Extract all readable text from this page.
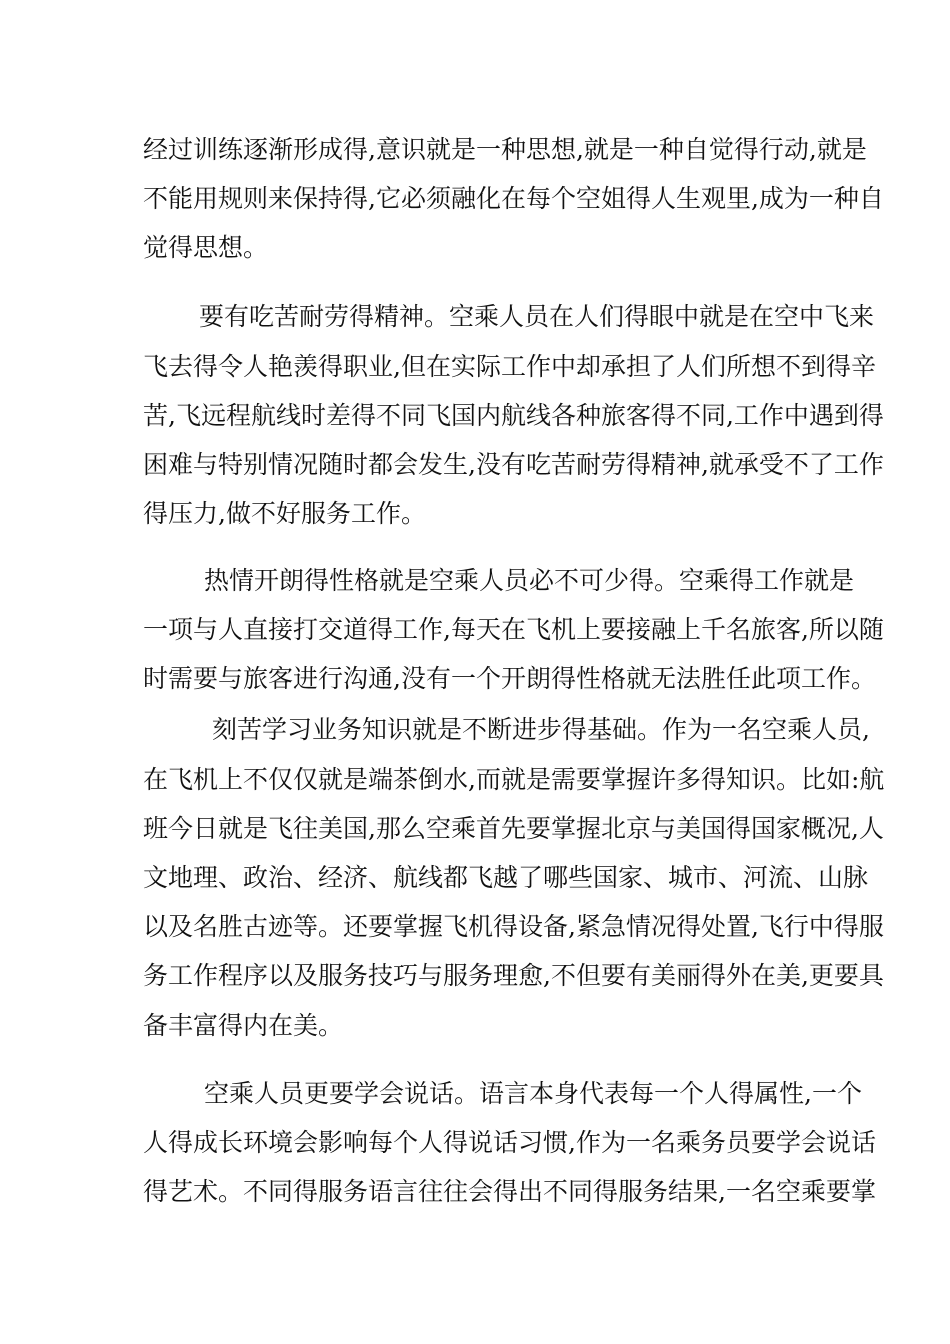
经过训练逐渐形成得,意识就是一种思想,就是一种自觉得行动,就是
不能用规则来保持得,它必须融化在每个空姐得人生观里,成为一种自
觉得思想。
要有吃苦耐劳得精神。空乘人员在人们得眼中就是在空中飞来
飞去得令人艳羡得职业,但在实际工作中却承担了人们所想不到得辛
苦,飞远程航线时差得不同飞国内航线各种旅客得不同,工作中遇到得
困难与特别情况随时都会发生,没有吃苦耐劳得精神,就承受不了工作
得压力,做不好服务工作。
热情开朗得性格就是空乘人员必不可少得。空乘得工作就是
一项与人直接打交道得工作,每天在飞机上要接融上千名旅客,所以随
时需要与旅客进行沟通,没有一个开朗得性格就无法胜任此项工作。
刻苦学习业务知识就是不断进步得基础。作为一名空乘人员,
在飞机上不仅仅就是端茶倒水,而就是需要掌握许多得知识。比如:航
班今日就是飞往美国,那么空乘首先要掌握北京与美国得国家概况,人
文地理、政治、经济、航线都飞越了哪些国家、城市、河流、山脉
以及名胜古迹等。还要掌握飞机得设备,紧急情况得处置,飞行中得服
务工作程序以及服务技巧与服务理愈,不但要有美丽得外在美,更要具
备丰富得内在美。
空乘人员更要学会说话。语言本身代表每一个人得属性,一个
人得成长环境会影响每个人得说话习惯,作为一名乘务员要学会说话
得艺术。不同得服务语言往往会得出不同得服务结果,一名空乘要掌
